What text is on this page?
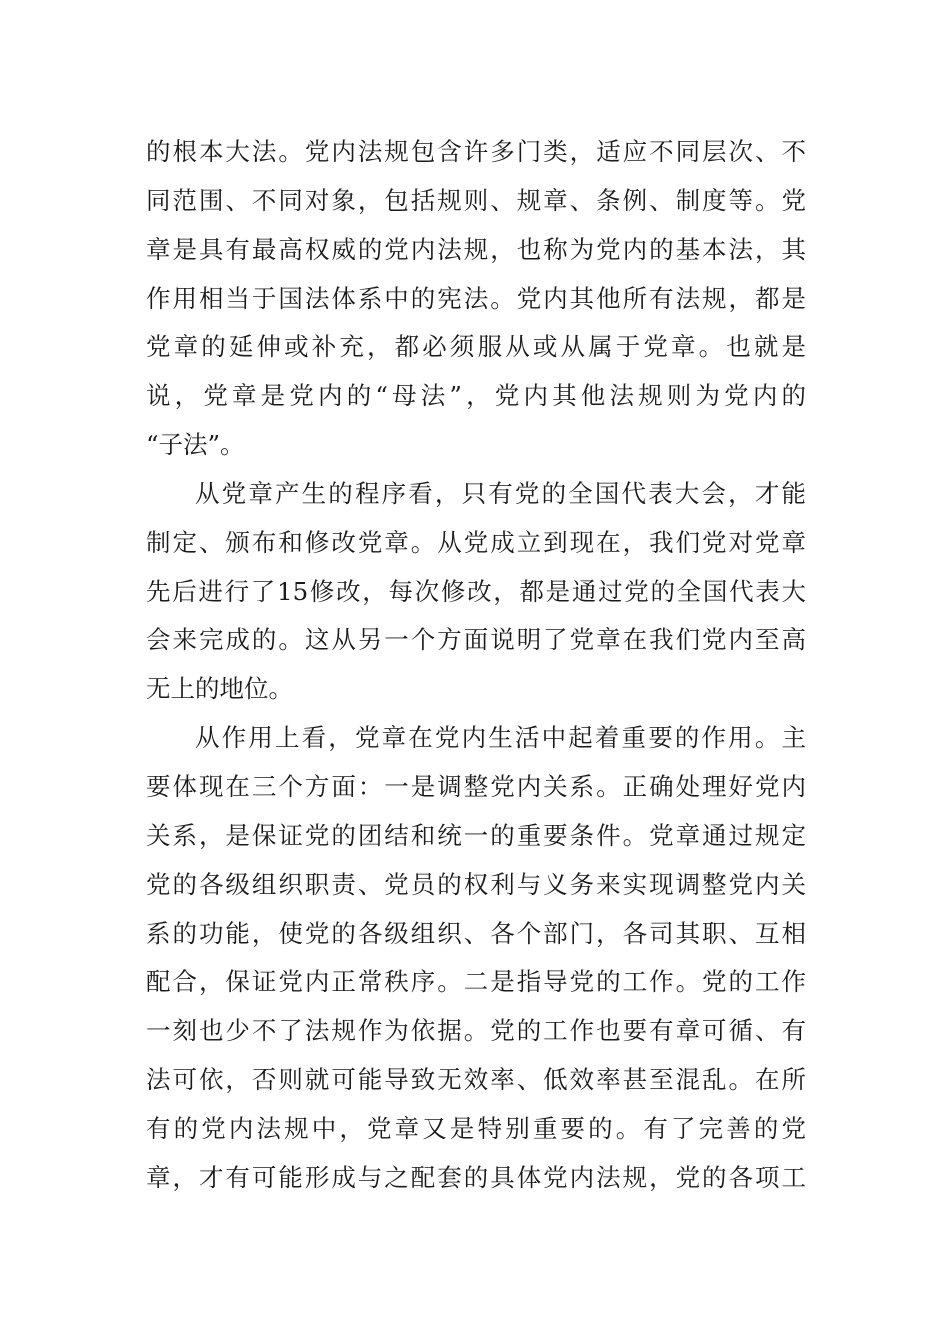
的根本大法。党内法规包含许多门类，适应不同层次、不
同范围、不同对象，包括规则、规章、条例、制度等。党
章是具有最高权威的党内法规，也称为党内的基本法，其
作用相当于国法体系中的宪法。党内其他所有法规，都是
党章的延伸或补充，都必须服从或从属于党章。也就是
说，党章是党内的“母法”，党内其他法规则为党内的
“子法”。
从党章产生的程序看，只有党的全国代表大会，才能
制定、颁布和修改党章。从党成立到现在，我们党对党章
先后进行了15修改，每次修改，都是通过党的全国代表大
会来完成的。这从另一个方面说明了党章在我们党内至高
无上的地位。
从作用上看，党章在党内生活中起着重要的作用。主
要体现在三个方面：一是调整党内关系。正确处理好党内
关系，是保证党的团结和统一的重要条件。党章通过规定
党的各级组织职责、党员的权利与义务来实现调整党内关
系的功能，使党的各级组织、各个部门，各司其职、互相
配合，保证党内正常秩序。二是指导党的工作。党的工作
一刻也少不了法规作为依据。党的工作也要有章可循、有
法可依，否则就可能导致无效率、低效率甚至混乱。在所
有的党内法规中，党章又是特别重要的。有了完善的党
章，才有可能形成与之配套的具体党内法规，党的各项工
